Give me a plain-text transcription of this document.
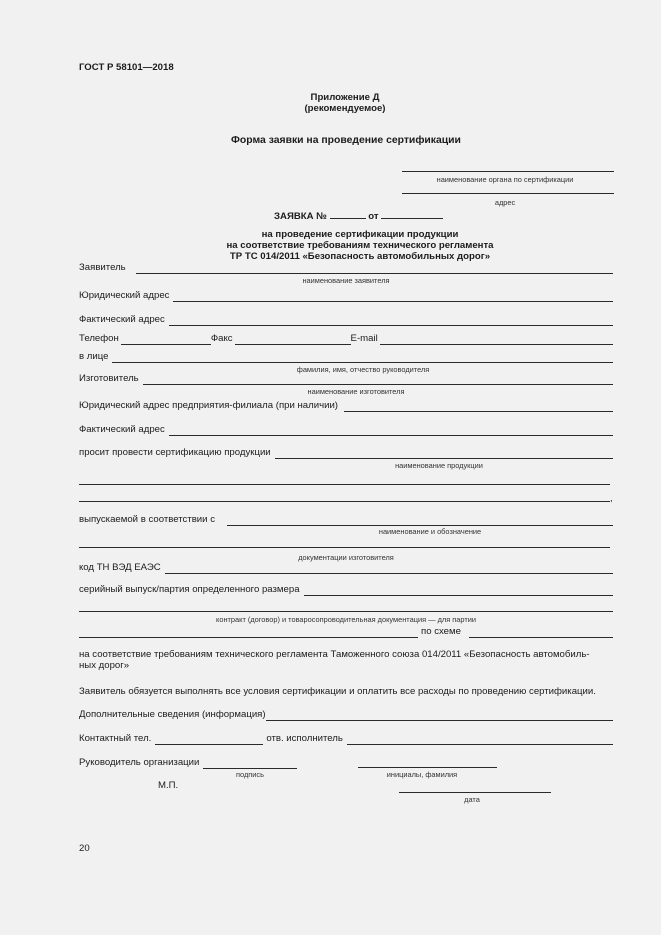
ГОСТ Р 58101—2018
Приложение Д
(рекомендуемое)
Форма заявки на проведение сертификации
наименование органа по сертификации
адрес
ЗАЯВКА №	от
на проведение сертификации продукции
на соответствие требованиям технического регламента
ТР ТС 014/2011 «Безопасность автомобильных дорог»
Заявитель
наименование заявителя
Юридический адрес
Фактический адрес
Телефон	Факс	E-mail
в лице
фамилия, имя, отчество руководителя
Изготовитель
наименование изготовителя
Юридический адрес предприятия-филиала (при наличии)
Фактический адрес
просит провести сертификацию продукции
наименование продукции
,
выпускаемой в соответствии с
наименование и обозначение
документации изготовителя
код ТН ВЭД ЕАЭС
серийный выпуск/партия определенного размера
контракт (договор) и товаросопроводительная документация — для партии
по схеме
на соответствие требованиям технического регламента Таможенного союза 014/2011 «Безопасность автомобиль-
ных дорог»
Заявитель обязуется выполнять все условия сертификации и оплатить все расходы по проведению сертификации.
Дополнительные сведения (информация)
Контактный тел.	отв. исполнитель
Руководитель организации
подпись	инициалы, фамилия
М.П.
дата
20
